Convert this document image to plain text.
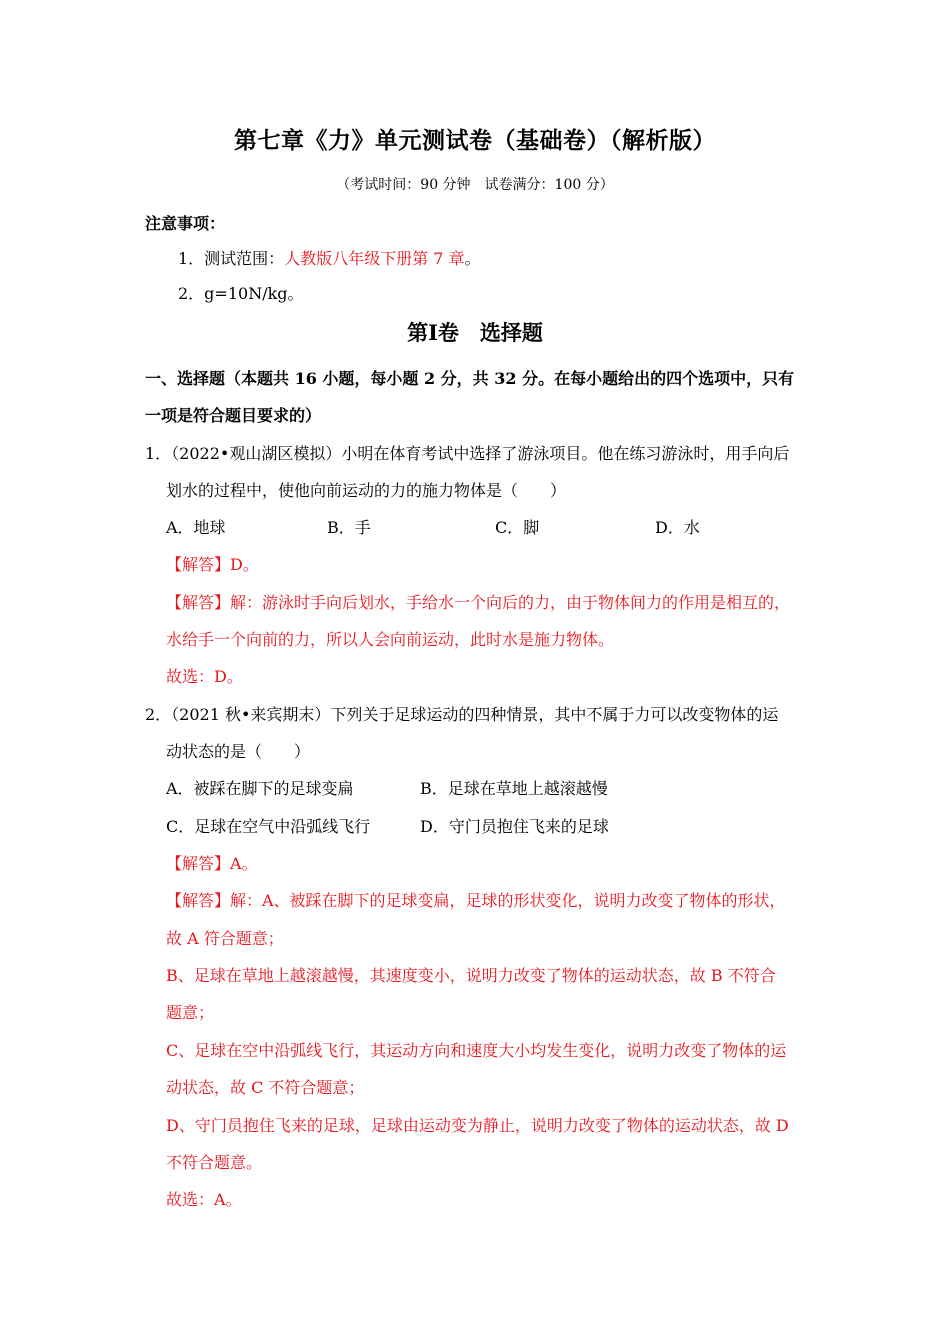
第七章《力》单元测试卷（基础卷）（解析版）
（考试时间：90 分钟　试卷满分：100 分）
注意事项：
1．测试范围：人教版八年级下册第 7 章。
2．g=10N/kg。
第Ⅰ卷　选择题
一、选择题（本题共 16 小题，每小题 2 分，共 32 分。在每小题给出的四个选项中，只有
一项是符合题目要求的）
1．（2022•观山湖区模拟）小明在体育考试中选择了游泳项目。他在练习游泳时，用手向后
划水的过程中，使他向前运动的力的施力物体是（　　）
A．地球	B．手	C．脚	D．水
【解答】D。
【解答】解：游泳时手向后划水，手给水一个向后的力，由于物体间力的作用是相互的，
水给手一个向前的力，所以人会向前运动，此时水是施力物体。
故选：D。
2．（2021 秋•来宾期末）下列关于足球运动的四种情景，其中不属于力可以改变物体的运
动状态的是（　　）
A．被踩在脚下的足球变扁	B．足球在草地上越滚越慢
C．足球在空气中沿弧线飞行	D．守门员抱住飞来的足球
【解答】A。
【解答】解：A、被踩在脚下的足球变扁，足球的形状变化，说明力改变了物体的形状，
故 A 符合题意；
B、足球在草地上越滚越慢，其速度变小，说明力改变了物体的运动状态，故 B 不符合
题意；
C、足球在空中沿弧线飞行，其运动方向和速度大小均发生变化，说明力改变了物体的运
动状态，故 C 不符合题意；
D、守门员抱住飞来的足球，足球由运动变为静止，说明力改变了物体的运动状态，故 D
不符合题意。
故选：A。
